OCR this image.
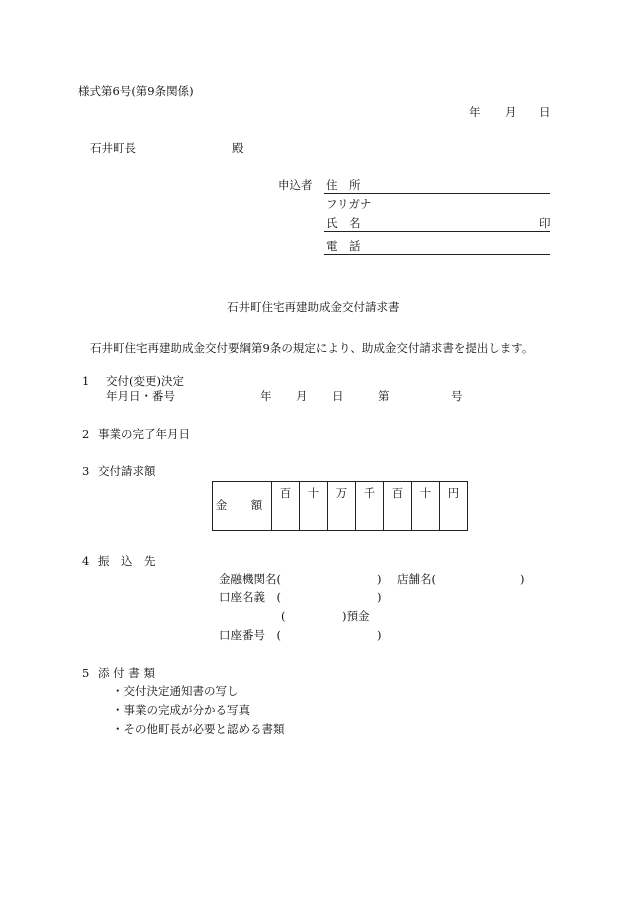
様式第6号(第9条関係)
年 月 日
石井町長	殿
申込者 住　所
フリガナ
氏　名	印
電　話
石井町住宅再建助成金交付請求書
石井町住宅再建助成金交付要綱第9条の規定により、助成金交付請求書を提出します。
1 交付(変更)決定
年月日・番号	年 月 日	第	号
2 事業の完了年月日
3 交付請求額
金　額	百	十	万	千	百	十	円
4 振　込　先
金融機関名(	) 店舗名(	)
口座名義　(	)
(	)預金
口座番号　(	)
5 添 付 書 類
・交付決定通知書の写し
・事業の完成が分かる写真
・その他町長が必要と認める書類
